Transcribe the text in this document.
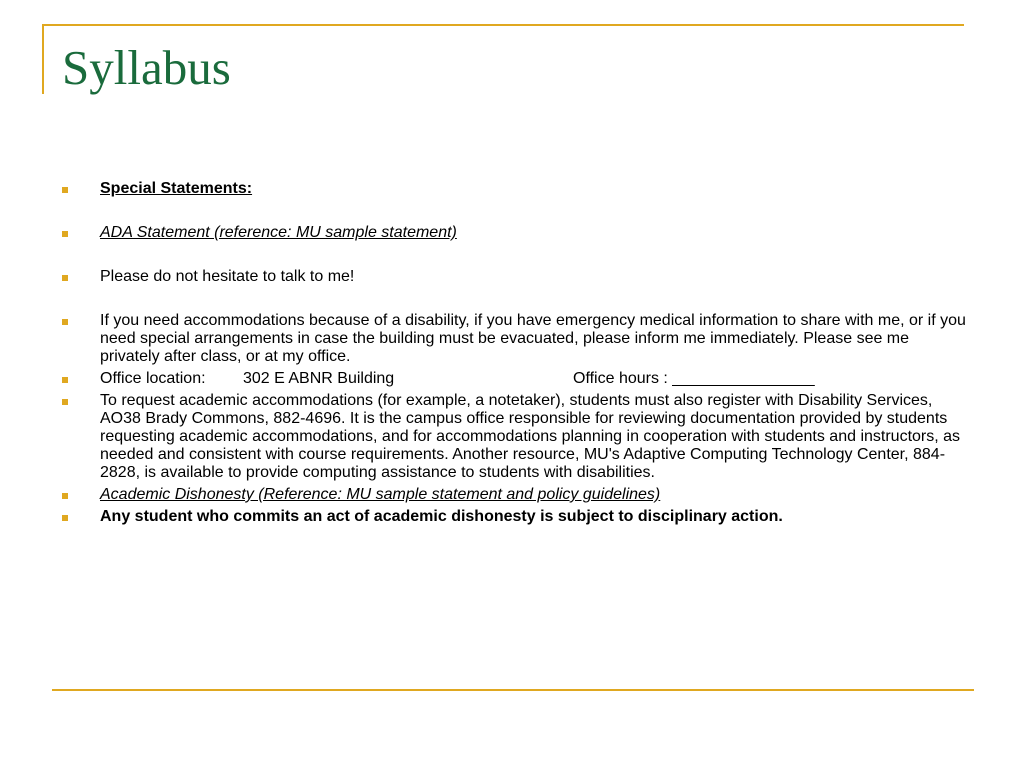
Syllabus
Special Statements:
ADA Statement (reference: MU sample statement)
Please do not hesitate to talk to me!
If you need accommodations because of a disability, if you have emergency medical information to share with me, or if you need special arrangements in case the building must be evacuated, please inform me immediately. Please see me privately after class, or at my office.
Office location: 302 E ABNR Building	Office hours : ________________
To request academic accommodations (for example, a notetaker), students must also register with Disability Services, AO38 Brady Commons, 882-4696. It is the campus office responsible for reviewing documentation provided by students requesting academic accommodations, and for accommodations planning in cooperation with students and instructors, as needed and consistent with course requirements. Another resource, MU's Adaptive Computing Technology Center, 884-2828, is available to provide computing assistance to students with disabilities.
Academic Dishonesty (Reference: MU sample statement and policy guidelines)
Any student who commits an act of academic dishonesty is subject to disciplinary action.
